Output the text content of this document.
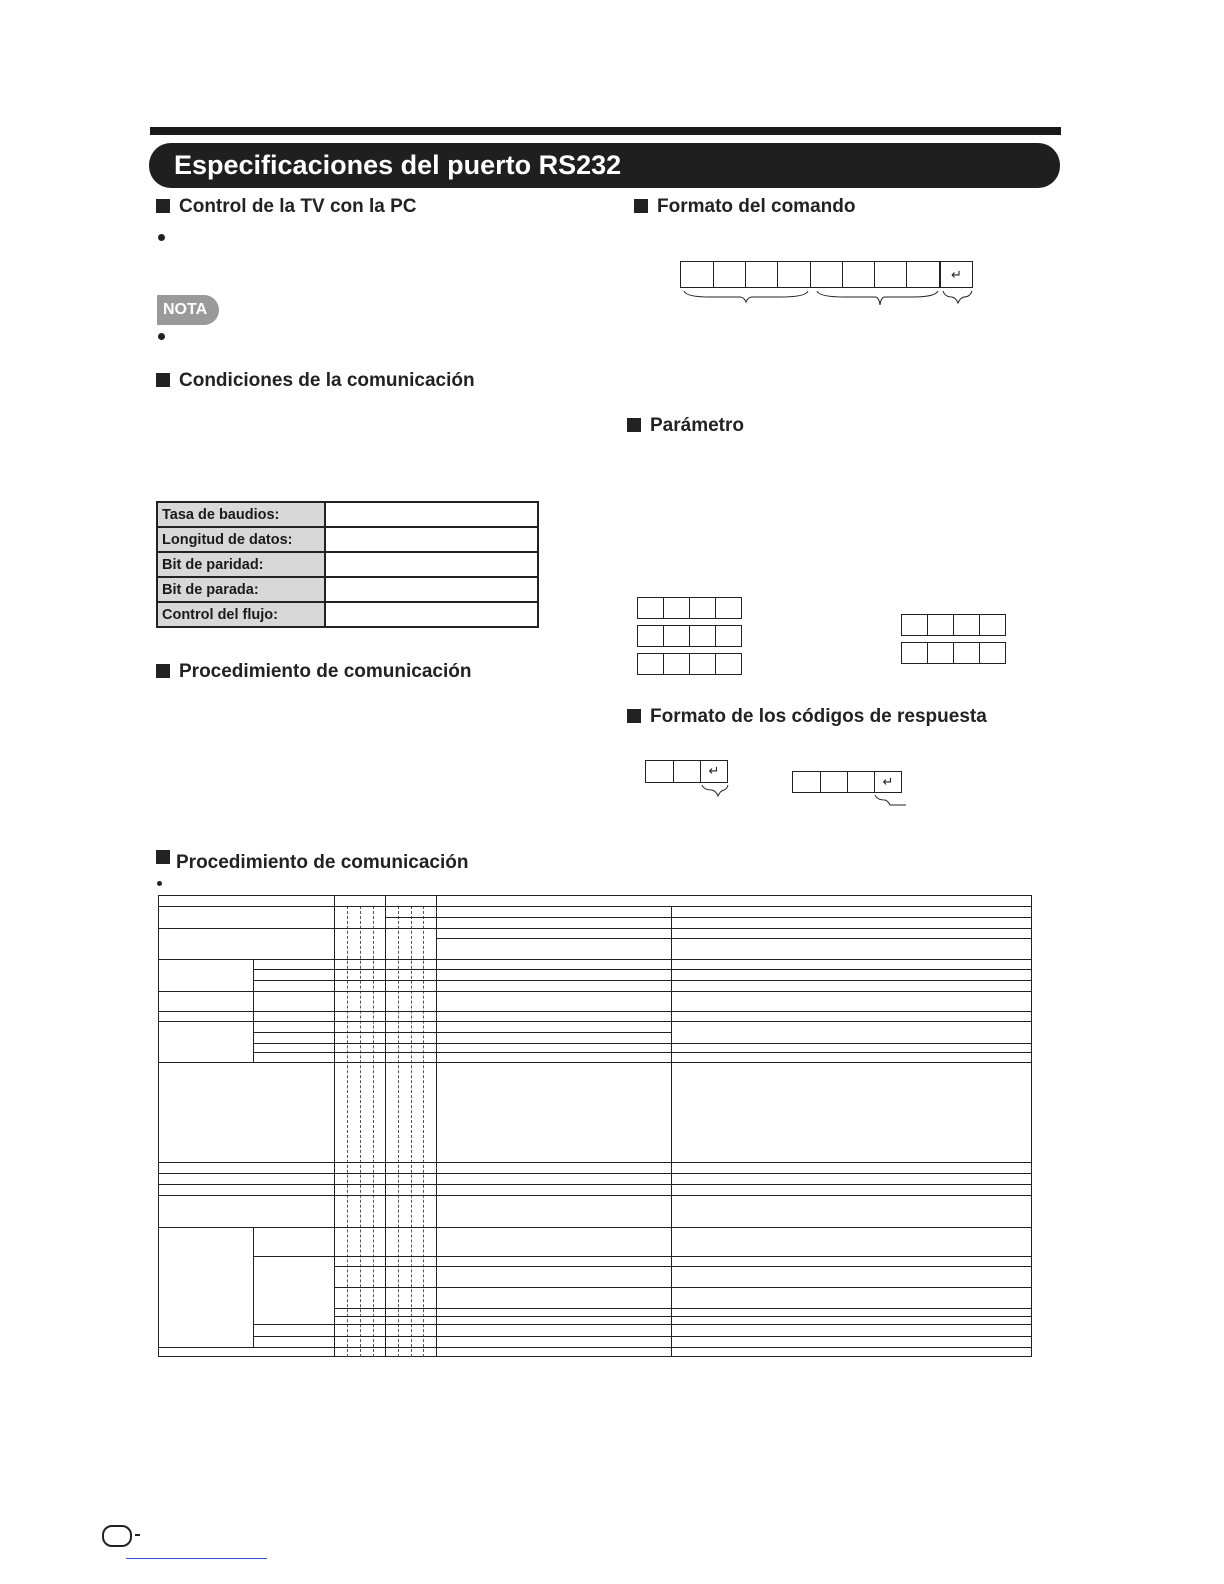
Especificaciones del puerto RS232
Control de la TV con la PC
NOTA
Condiciones de la comunicación
Tasa de baudios:	
Longitud de datos:	
Bit de paridad:	
Bit de parada:	
Control del flujo:	
Procedimiento de comunicación
Formato del comando
↵
Parámetro
Formato de los códigos de respuesta
↵
↵
Procedimiento de comunicación
